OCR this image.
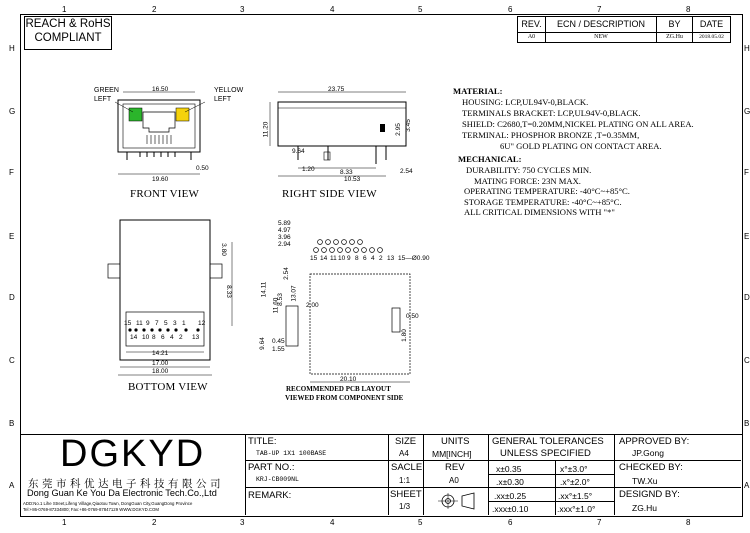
1	2	3	4	5	6	7	8
1	2	3	4	5	6	7	8
H
G
F
E
D
C
B
A
H
G
F
E
D
C
B
A
REACH & RoHS
COMPLIANT
REV.	ECN / DESCRIPTION	BY	DATE
A0	NEW	ZG.Hu	2018.05.02
GREEN
LEFT
YELLOW
LEFT
16.50
19.60
0.50
FRONT VIEW
23.75
11.20
9.64
10.53
1.20	8.33
2.95 3.45
2.54
RIGHT SIDE VIEW
MATERIAL:
HOUSING: LCP,UL94V-0,BLACK.
TERMINALS BRACKET: LCP,UL94V-0,BLACK.
SHIELD: C2680,T=0.20MM,NICKEL PLATING ON ALL AREA.
TERMINAL: PHOSPHOR BRONZE ,T=0.35MM,
6U" GOLD PLATING ON CONTACT AREA.
MECHANICAL:
DURABILITY: 750 CYCLES MIN.
MATING FORCE: 23N MAX.
OPERATING TEMPERATURE: -40°C~+85°C.
STORAGE TEMPERATURE: -40°C~+85°C.
ALL CRITICAL DIMENSIONS WITH "*"
3.80
8.33
14.21
17.00
18.00
15 11 9 7 5 3 1 12
14 10 8 6 4 2 13
BOTTOM VIEW
5.89
4.97
3.96
2.94
14.11
8.53 13.07
2.54
11.60	2.00
9.64 0.45
1.55
20.10
0.50
1.80
15—Ø0.90
15 14 11 10 9 8 6 4 2 13
RECOMMENDED PCB LAYOUT
VIEWED FROM COMPONENT SIDE
DGKYD
东莞市科优达电子科技有限公司
Dong Guan Ke You Da Electronic Tech.Co.,Ltd
ADD:No.1 Lihe Street,Lifeng Village,Qiaotou Town, DongGuan City,GuangDong Province
Tel:+86-0769-87334800; Fax:+86-0769-87847129 WWW.DGKYD.COM
TITLE:
TAB-UP 1X1 100BASE
PART NO.:
KRJ-CB009NL
REMARK:
SIZE
A4
SACLE
1:1
SHEET
1/3
UNITS
MM[INCH]
REV
A0
GENERAL TOLERANCES
UNLESS SPECIFIED
x±0.35	x°±3.0°
.x±0.30	.x°±2.0°
.xx±0.25	.xx°±1.5°
.xxx±0.10	.xxx°±1.0°
APPROVED BY:
JP.Gong
CHECKED BY:
TW.Xu
DESIGND BY:
ZG.Hu
